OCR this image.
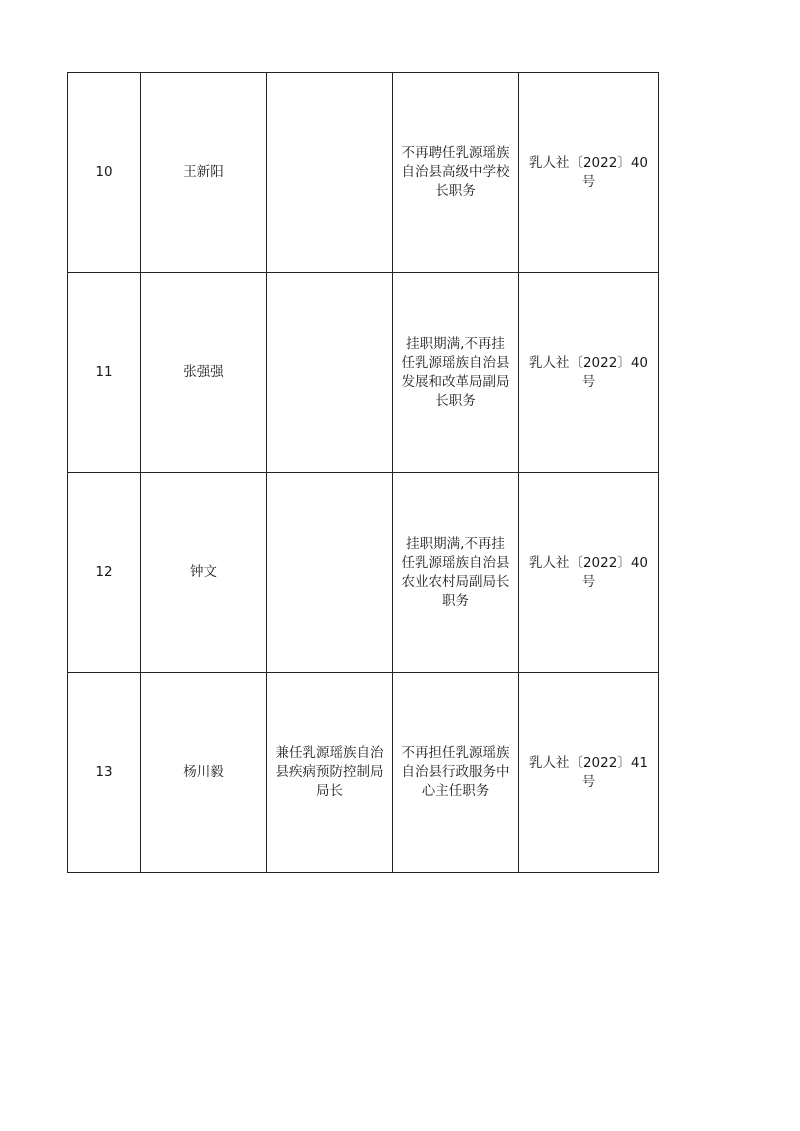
10	王新阳		不再聘任乳源瑶族
自治县高级中学校
长职务	乳人社〔2022〕40
号

11	张强强		挂职期满,不再挂
任乳源瑶族自治县
发展和改革局副局
长职务	乳人社〔2022〕40
号

12	钟文		挂职期满,不再挂
任乳源瑶族自治县
农业农村局副局长
职务	乳人社〔2022〕40
号

13	杨川毅	兼任乳源瑶族自治
县疾病预防控制局
局长	不再担任乳源瑶族
自治县行政服务中
心主任职务	乳人社〔2022〕41
号
